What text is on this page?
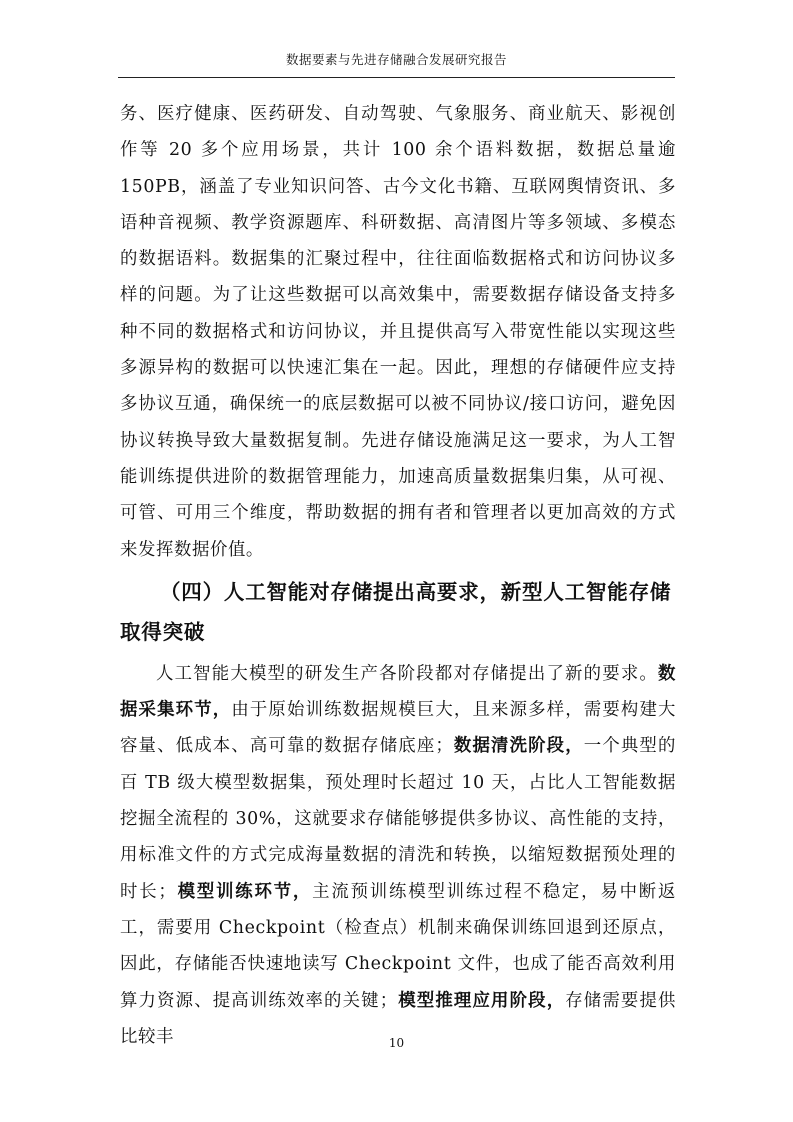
数据要素与先进存储融合发展研究报告

务、医疗健康、医药研发、自动驾驶、气象服务、商业航天、影视创作等 20 多个应用场景，共计 100 余个语料数据，数据总量逾 150PB，涵盖了专业知识问答、古今文化书籍、互联网舆情资讯、多语种音视频、教学资源题库、科研数据、高清图片等多领域、多模态的数据语料。数据集的汇聚过程中，往往面临数据格式和访问协议多样的问题。为了让这些数据可以高效集中，需要数据存储设备支持多种不同的数据格式和访问协议，并且提供高写入带宽性能以实现这些多源异构的数据可以快速汇集在一起。因此，理想的存储硬件应支持多协议互通，确保统一的底层数据可以被不同协议/接口访问，避免因协议转换导致大量数据复制。先进存储设施满足这一要求，为人工智能训练提供进阶的数据管理能力，加速高质量数据集归集，从可视、可管、可用三个维度，帮助数据的拥有者和管理者以更加高效的方式来发挥数据价值。

（四）人工智能对存储提出高要求，新型人工智能存储取得突破

人工智能大模型的研发生产各阶段都对存储提出了新的要求。数据采集环节，由于原始训练数据规模巨大，且来源多样，需要构建大容量、低成本、高可靠的数据存储底座；数据清洗阶段，一个典型的百 TB 级大模型数据集，预处理时长超过 10 天，占比人工智能数据挖掘全流程的 30%，这就要求存储能够提供多协议、高性能的支持，用标准文件的方式完成海量数据的清洗和转换，以缩短数据预处理的时长；模型训练环节，主流预训练模型训练过程不稳定，易中断返工，需要用 Checkpoint（检查点）机制来确保训练回退到还原点，因此，存储能否快速地读写 Checkpoint 文件，也成了能否高效利用算力资源、提高训练效率的关键；模型推理应用阶段，存储需要提供比较丰	10
